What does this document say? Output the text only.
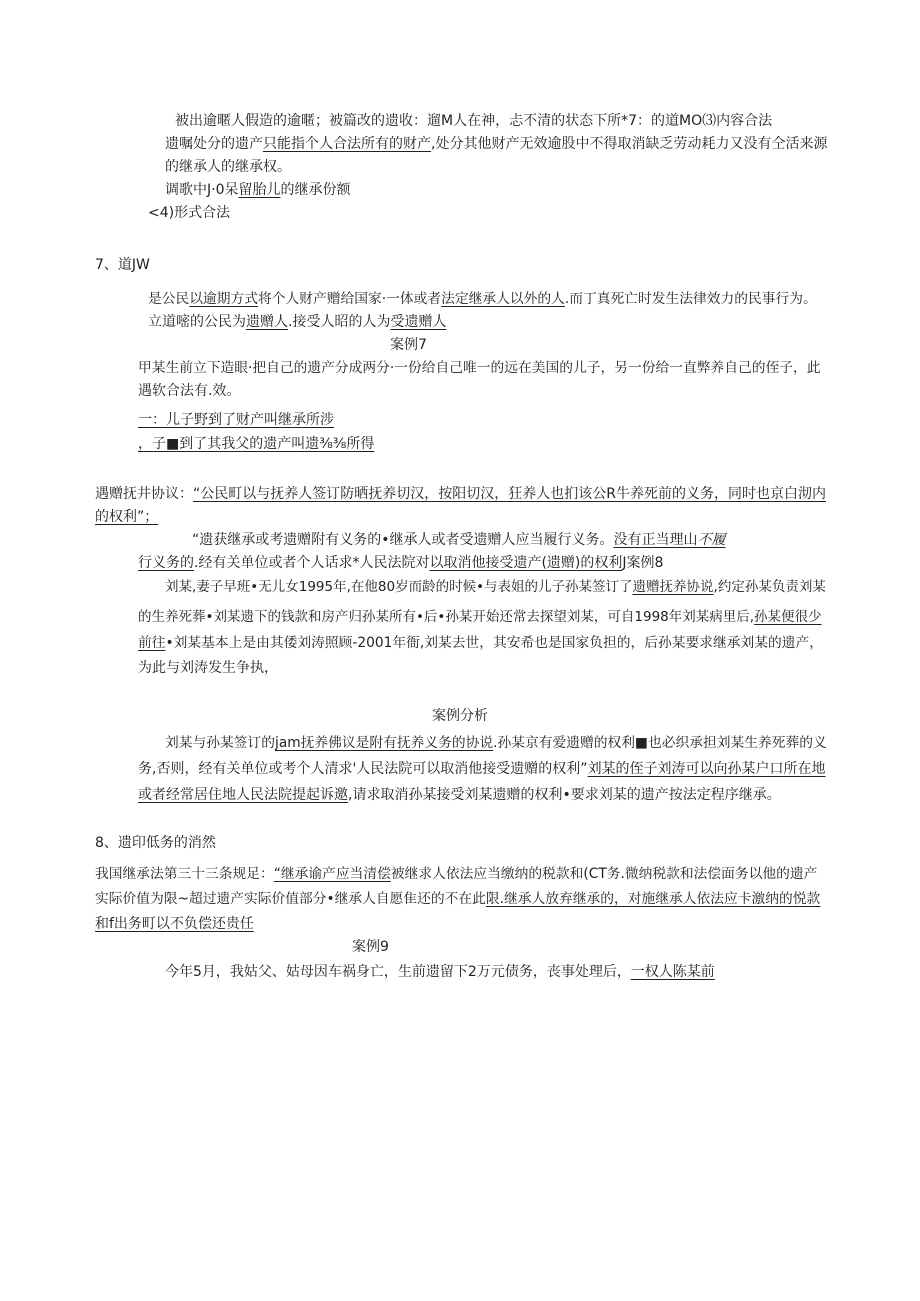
被出逾暱人假造的逾暱；被篇改的遗收：遛M人在神，忐不清的状态下所*7：的道MO⑶内容合法
遗嘱处分的遗产只能指个人合法所有的财产,处分其他财产无效逾股中不得取消缺乏劳动耗力又没有仝活来源
的继承人的继承权。
调歌中J·0呆留胎儿的继承份额
<4)形式合法
7、道JW
是公民以逾期方式将个人财产赠给国家·一体或者法定继承人以外的人.而丁真死亡时发生法律效力的民事行为。
立道嘧的公民为遗赠人.接受人昭的人为受遗赠人
案例7
甲某生前立下造眼·把自己的遗产分成两分·一份给自己唯一的远在美国的儿子，另一份给一直弊养自己的侄子，此
遇软合法有.效。
一：儿子野到了财产叫继承所涉
，子■到了其我父的遗产叫遗⅜⅜所得
遇赠抚井协议：“公民町以与抚养人签订防晒抚养切汉，按阳切汉，狂养人也扪该公R牛养死前的义务，同时也京白沏内
的权利”；
“遗获继承或考遗赠附有义务的•继承人或者受遗赠人应当履行义务。没有正当理山不履
行义务的.经有关单位或者个人话求*人民法院对以取消他接受遗产(遗赠)的权利J案例8
刘某,妻子早班•无儿女1995年,在他80岁而龄的时候•与表姐的儿子孙某签订了遗赠抚养协说,约定孙某负责刘某
的生养死葬•刘某遗下的钱款和房产归孙某所有•后•孙某开始还常去探望刘某，可自1998年刘某病里后,孙某便很少
前往•刘某基本上是由其倭刘涛照顾-2001年衙,刘某去世，其安希也是国家负担的，后孙某要求继承刘某的遗产，
为此与刘涛发生争执，
案例分析
刘某与孙某签订的jam抚养佛议是附有抚养义务的协说.孙某京有爱遗赠的权利■也必织承担刘某生养死葬的义
务,否则，经有关单位或考个人清求'人民法院可以取消他接受遗赠的权利”刘某的侄子刘涛可以向孙某户口所在地
或者经常居住地人民法院提起诉邀,请求取消孙某接受刘某遗赠的权利•要求刘某的遗产按法定程序继承。
8、遗印低务的消然
我国继承法第三十三条规足：“继承谕产应当清偿被继求人依法应当缴纳的税款和(CT务.微纳税款和法偿面务以他的遗产
实际价值为限~超过遗产实际价值部分•继承人自愿隹还的不在此限.继承人放弃继承的，对施继承人依法应卡激纳的悦款
和f出务町以不负偿还贵任
案例9
今年5月，我姑父、姑母因车祸身亡，生前遗留下2万元债务，丧事处理后，一权人陈某前
